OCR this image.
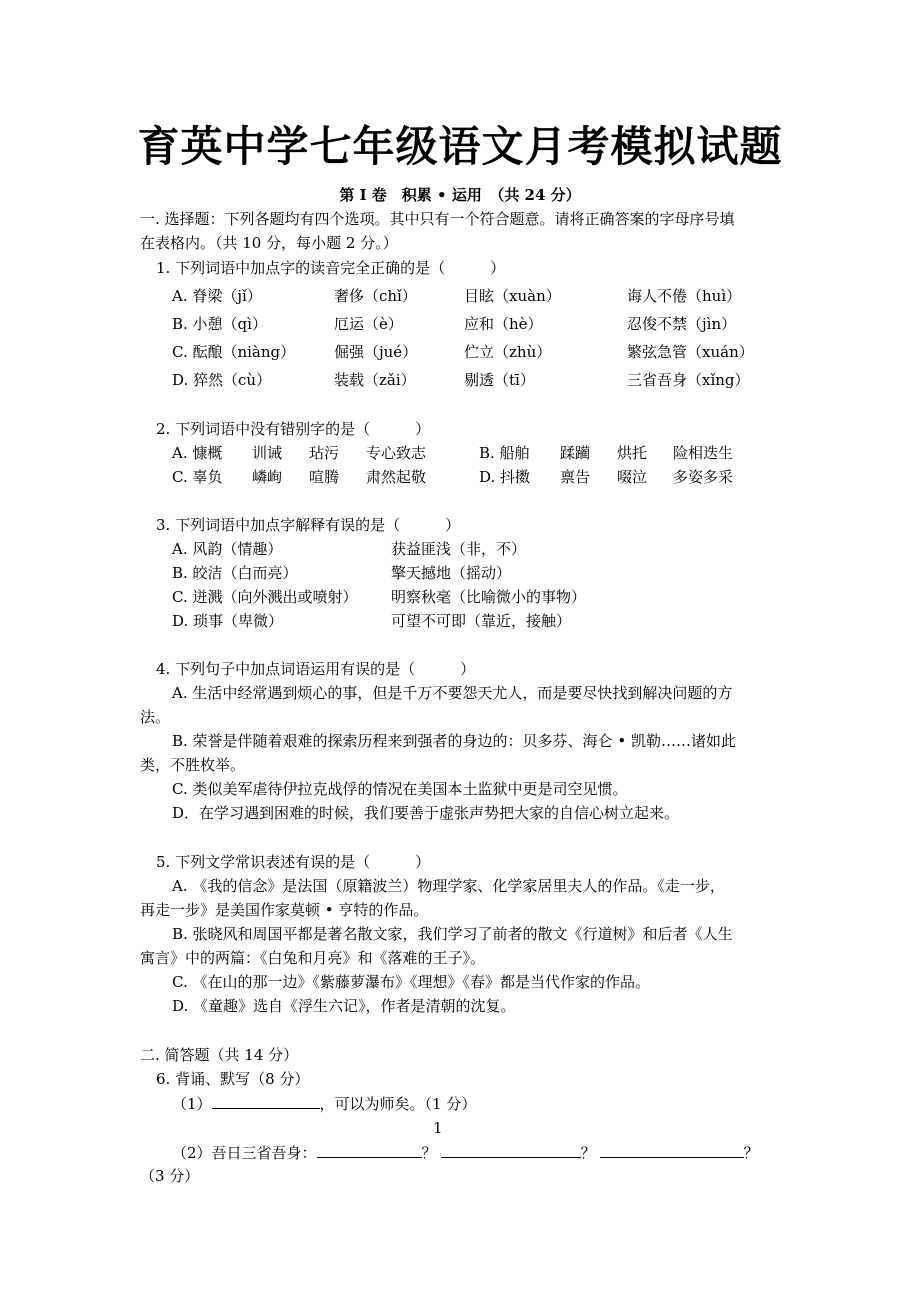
育英中学七年级语文月考模拟试题
第 I 卷　积累 • 运用　（共 24 分）
一. 选择题：下列各题均有四个选项。其中只有一个符合题意。请将正确答案的字母序号填
在表格内。（共 10 分，每小题 2 分。）
1. 下列词语中加点字的读音完全正确的是（　　　）
A. 脊梁（jǐ）	奢侈（chǐ）	目眩（xuàn）	诲人不倦（huì）
B. 小憩（qì）	厄运（è）	应和（hè）	忍俊不禁（jìn）
C. 酝酿（niàng）	倔强（jué）	伫立（zhù）	繁弦急管（xuán）
D. 猝然（cù）	装载（zǎi）	剔透（tī）	三省吾身（xǐng）
2. 下列词语中没有错别字的是（　　　）
A. 慷概 训诫 玷污 专心致志	B. 船舶 蹂躏 烘托 险相迭生
C. 辜负 嶙峋 喧腾 肃然起敬	D. 抖擞 禀告 啜泣 多姿多采
3. 下列词语中加点字解释有误的是（　　　）
A. 风韵（情趣）	获益匪浅（非，不）
B. 皎洁（白而亮）	擎天撼地（摇动）
C. 迸溅（向外溅出或喷射） 明察秋毫（比喻微小的事物）
D. 琐事（卑微）	可望不可即（靠近，接触）
4. 下列句子中加点词语运用有误的是（　　　）
A. 生活中经常遇到烦心的事，但是千万不要怨天尤人，而是要尽快找到解决问题的方
法。
B. 荣誉是伴随着艰难的探索历程来到强者的身边的：贝多芬、海仑 • 凯勒……诸如此
类，不胜枚举。
C. 类似美军虐待伊拉克战俘的情况在美国本土监狱中更是司空见惯。
D．在学习遇到困难的时候，我们要善于虚张声势把大家的自信心树立起来。
5. 下列文学常识表述有误的是（　　　）
A. 《我的信念》是法国（原籍波兰）物理学家、化学家居里夫人的作品。《走一步，
再走一步》是美国作家莫顿 • 亨特的作品。
B. 张晓风和周国平都是著名散文家，我们学习了前者的散文《行道树》和后者《人生
寓言》中的两篇：《白兔和月亮》和《落难的王子》。
C. 《在山的那一边》《紫藤萝瀑布》《理想》《春》都是当代作家的作品。
D. 《童趣》选自《浮生六记》，作者是清朝的沈复。
二. 简答题（共 14 分）
6. 背诵、默写（8 分）
（1）	，可以为师矣。（1 分）
1
（2）吾日三省吾身：	？	？	？
（3 分）
